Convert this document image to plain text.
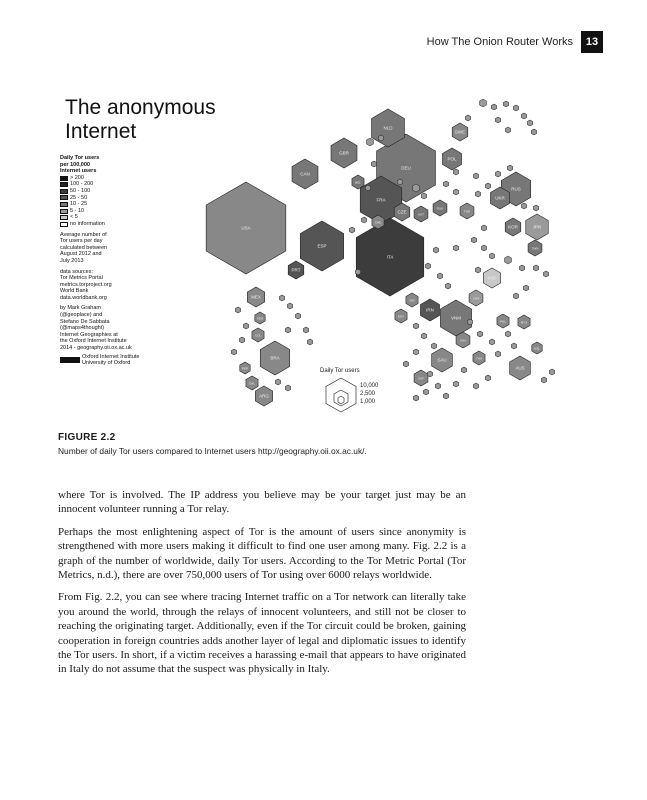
How The Onion Router Works	13
The anonymous
Internet
Daily Tor users
per 100,000
Internet users
> 200
100 - 200
50 - 100
25 - 50
10 - 25
5 - 10
< 5
no information
Average number of
Tor users per day
calculated between
August 2012 and
July 2013
data sources:
Tor Metrics Portal
metrics.torproject.org
World Bank
data.worldbank.org
by Mark Graham
(@geoplace) and
Stefano De Sabbata
(@maps4thought)
Internet Geographies at
the Oxford Internet Institute
2014 - geography.oii.ox.ac.uk
Oxford Internet Institute
University of Oxford
USA
CAN
RUS
DEU
FRA
ESP
ITA
GBR
POL
UKR
JPN
KOR
TWN
IND
BRA
MEX
ARG
NLD
SWE
IRN
VNM
AUS
SAU
CZE
ROU
CHE
AUT
BEL
PRT
TUR
CHN
IDN
THA
PHL	MYS
ZAF
EGY
ISR
NZL
COL
CHL
PER
VEN
Daily Tor users
10,000
2,500
1,000
FIGURE 2.2
Number of daily Tor users compared to Internet users http://geography.oii.ox.ac.uk/.

where Tor is involved. The IP address you believe may be your target just may be an innocent volunteer running a Tor relay.

Perhaps the most enlightening aspect of Tor is the amount of users since anonymity is strengthened with more users making it difficult to find one user among many. Fig. 2.2 is a graph of the number of worldwide, daily Tor users. According to the Tor Metric Portal (Tor Metrics, n.d.), there are over 750,000 users of Tor using over 6000 relays worldwide.

From Fig. 2.2, you can see where tracing Internet traffic on a Tor network can literally take you around the world, through the relays of innocent volunteers, and still not be closer to reaching the originating target. Additionally, even if the Tor circuit could be broken, gaining cooperation in foreign countries adds another layer of legal and diplomatic issues to identify the Tor users. In short, if a victim receives a harassing e-mail that appears to have originated in Italy do not assume that the suspect was physically in Italy.
